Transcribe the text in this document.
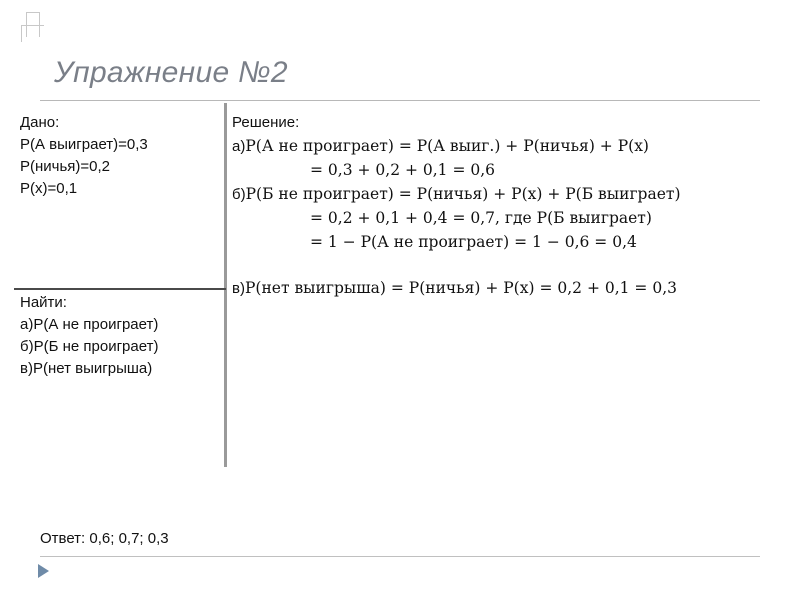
Упражнение №2
Дано:
P(А выиграет)=0,3
P(ничья)=0,2
P(x)=0,1
Найти:
а)P(А не проиграет)
б)P(Б не проиграет)
в)P(нет выигрыша)
Решение:
а)P(А не проиграет) = P(А выиг.) + P(ничья) + P(x)
= 0,3 + 0,2 + 0,1 = 0,6
б)P(Б не проиграет) = P(ничья) + P(x) + P(Б выиграет)
= 0,2 + 0,1 + 0,4 = 0,7, где P(Б выиграет)
= 1 − P(А не проиграет) = 1 − 0,6 = 0,4
в)P(нет выигрыша) = P(ничья) + P(x) = 0,2 + 0,1 = 0,3
Ответ: 0,6; 0,7; 0,3
